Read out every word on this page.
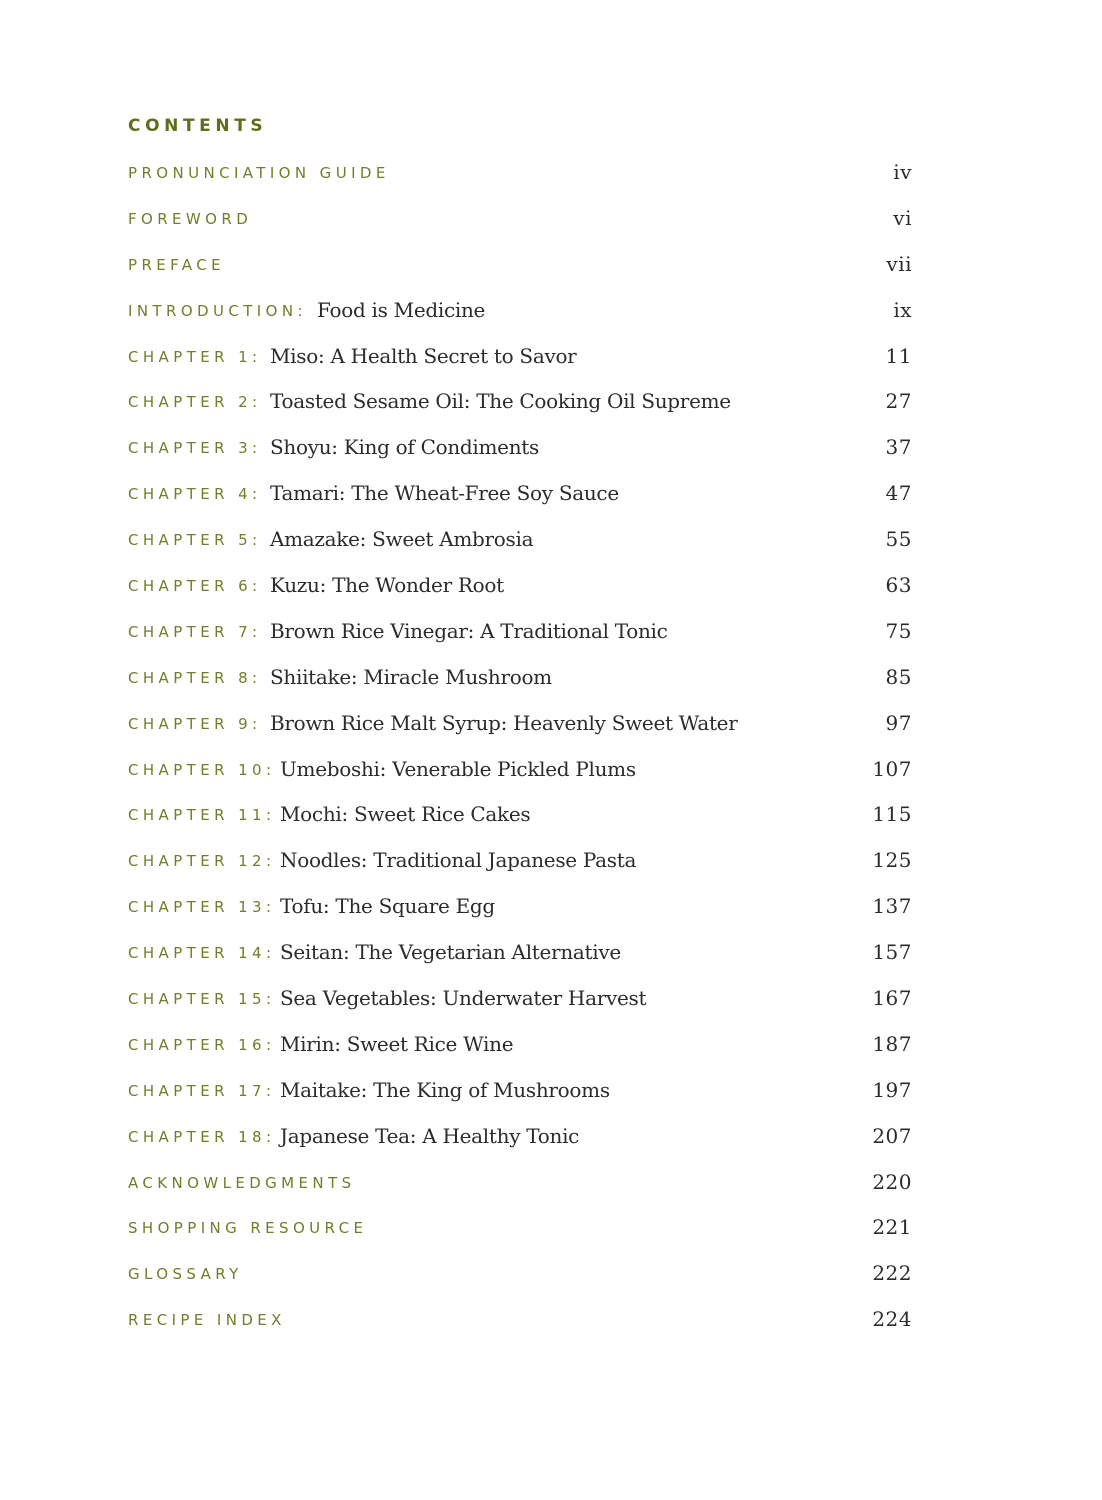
CONTENTS
PRONUNCIATION GUIDE	iv
FOREWORD	vi
PREFACE	vii
INTRODUCTION: Food is Medicine	ix
CHAPTER 1: Miso: A Health Secret to Savor	11
CHAPTER 2: Toasted Sesame Oil: The Cooking Oil Supreme	27
CHAPTER 3: Shoyu: King of Condiments	37
CHAPTER 4: Tamari: The Wheat-Free Soy Sauce	47
CHAPTER 5: Amazake: Sweet Ambrosia	55
CHAPTER 6: Kuzu: The Wonder Root	63
CHAPTER 7: Brown Rice Vinegar: A Traditional Tonic	75
CHAPTER 8: Shiitake: Miracle Mushroom	85
CHAPTER 9: Brown Rice Malt Syrup: Heavenly Sweet Water	97
CHAPTER 10: Umeboshi: Venerable Pickled Plums	107
CHAPTER 11: Mochi: Sweet Rice Cakes	115
CHAPTER 12: Noodles: Traditional Japanese Pasta	125
CHAPTER 13: Tofu: The Square Egg	137
CHAPTER 14: Seitan: The Vegetarian Alternative	157
CHAPTER 15: Sea Vegetables: Underwater Harvest	167
CHAPTER 16: Mirin: Sweet Rice Wine	187
CHAPTER 17: Maitake: The King of Mushrooms	197
CHAPTER 18: Japanese Tea: A Healthy Tonic	207
ACKNOWLEDGMENTS	220
SHOPPING RESOURCE	221
GLOSSARY	222
RECIPE INDEX	224
